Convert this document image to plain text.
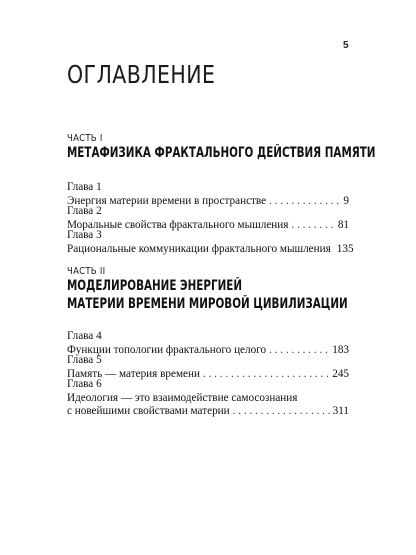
5
ОГЛАВЛЕНИЕ
ЧАСТЬ I
МЕТАФИЗИКА ФРАКТАЛЬНОГО ДЕЙСТВИЯ ПАМЯТИ
Глава 1
Энергия материи времени в пространстве . . .	9
Глава 2
Моральные свойства фрактального мышления . . .	81
Глава 3
Рациональные коммуникации фрактального мышления 135
ЧАСТЬ II
МОДЕЛИРОВАНИЕ ЭНЕРГИЕЙ
МАТЕРИИ ВРЕМЕНИ МИРОВОЙ ЦИВИЛИЗАЦИИ
Глава 4
Функции топологии фрактального целого . . .	183
Глава 5
Память — материя времени . . .	245
Глава 6
Идеология — это взаимодействие самосознания
с новейшими свойствами материи . . .	311
